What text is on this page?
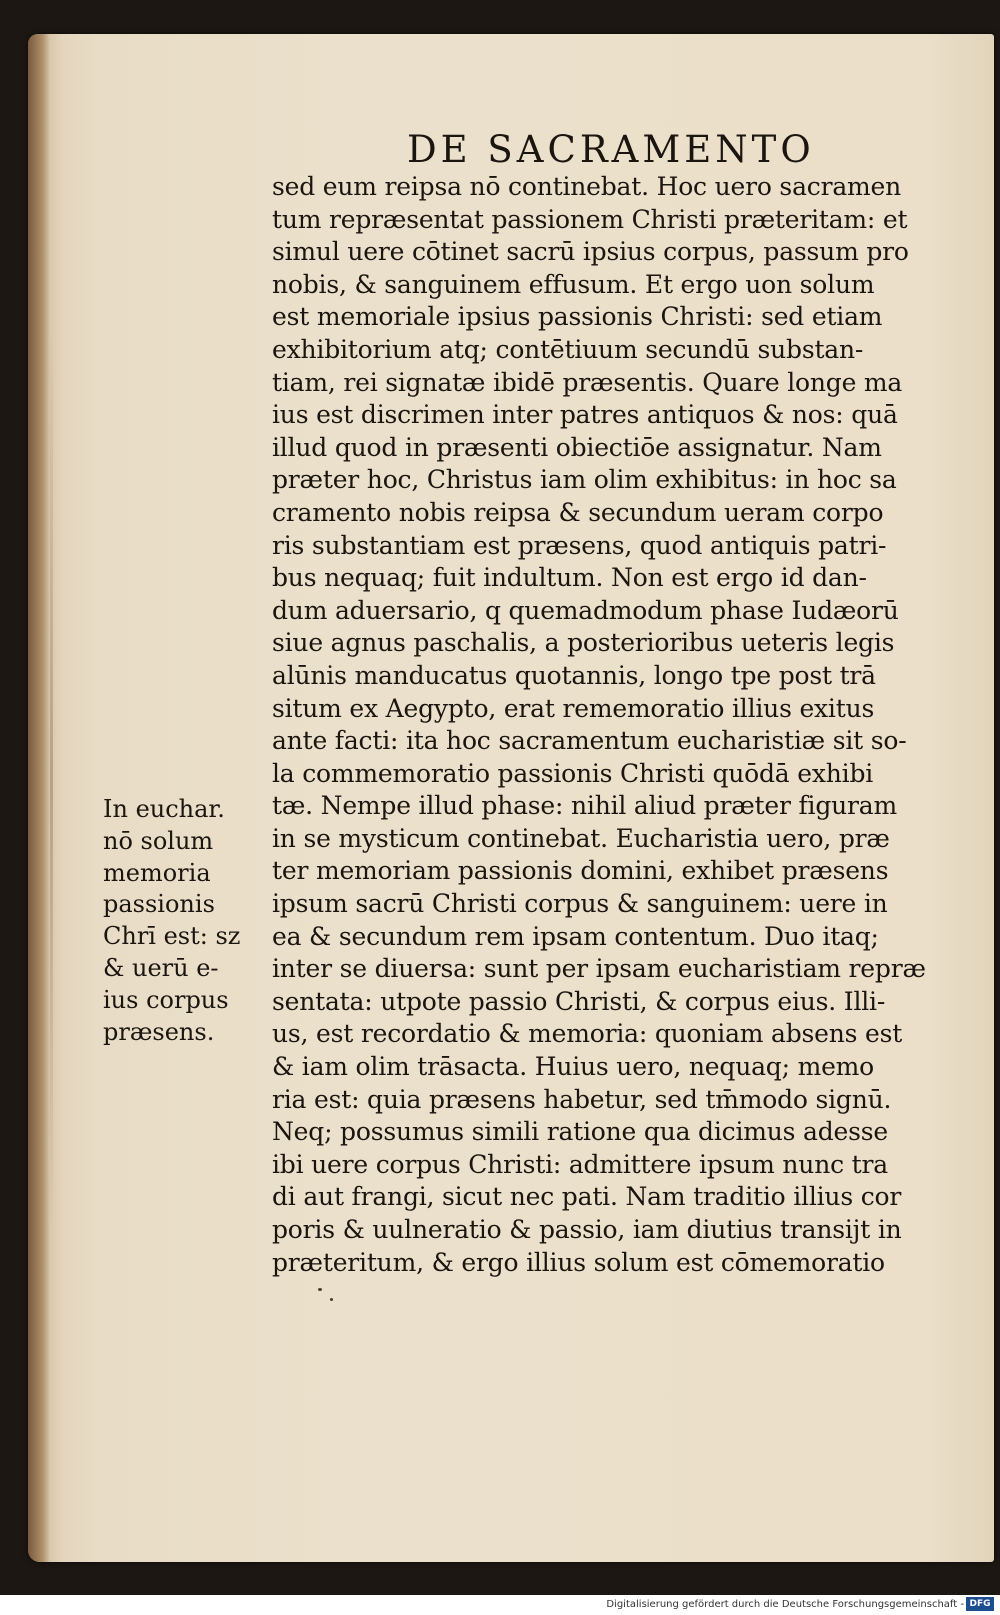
DE SACRAMENTO
sed eum reipsa nō continebat. Hoc uero sacramen
tum repræsentat passionem Christi præteritam: et
simul uere cōtinet sacrū ipsius corpus, passum pro
nobis, & sanguinem effusum. Et ergo uon solum
est memoriale ipsius passionis Christi: sed etiam
exhibitorium atq; contētiuum secundū substan-
tiam, rei signatæ ibidē præsentis. Quare longe ma
ius est discrimen inter patres antiquos & nos: quā
illud quod in præsenti obiectiōe assignatur. Nam
præter hoc, Christus iam olim exhibitus: in hoc sa
cramento nobis reipsa & secundum ueram corpo
ris substantiam est præsens, quod antiquis patri-
bus nequaq; fuit indultum. Non est ergo id dan-
dum aduersario, q quemadmodum phase Iudæorū
siue agnus paschalis, a posterioribus ueteris legis
alūnis manducatus quotannis, longo tpe post trā
situm ex Aegypto, erat rememoratio illius exitus
ante facti: ita hoc sacramentum eucharistiæ sit so-
la commemoratio passionis Christi quōdā exhibi
tæ. Nempe illud phase: nihil aliud præter figuram
in se mysticum continebat. Eucharistia uero, præ
ter memoriam passionis domini, exhibet præsens
ipsum sacrū Christi corpus & sanguinem: uere in
ea & secundum rem ipsam contentum. Duo itaq;
inter se diuersa: sunt per ipsam eucharistiam repræ
sentata: utpote passio Christi, & corpus eius. Illi-
us, est recordatio & memoria: quoniam absens est
& iam olim trāsacta. Huius uero, nequaq; memo
ria est: quia præsens habetur, sed tm̄modo signū.
Neq; possumus simili ratione qua dicimus adesse
ibi uere corpus Christi: admittere ipsum nunc tra
di aut frangi, sicut nec pati. Nam traditio illius cor
poris & uulneratio & passio, iam diutius transijt in
præteritum, & ergo illius solum est cōmemoratio
In euchar.
nō solum
memoria
passionis
Chrī est: sz
& uerū e-
ius corpus
præsens.
Digitalisierung gefördert durch die Deutsche Forschungsgemeinschaft - DFG
